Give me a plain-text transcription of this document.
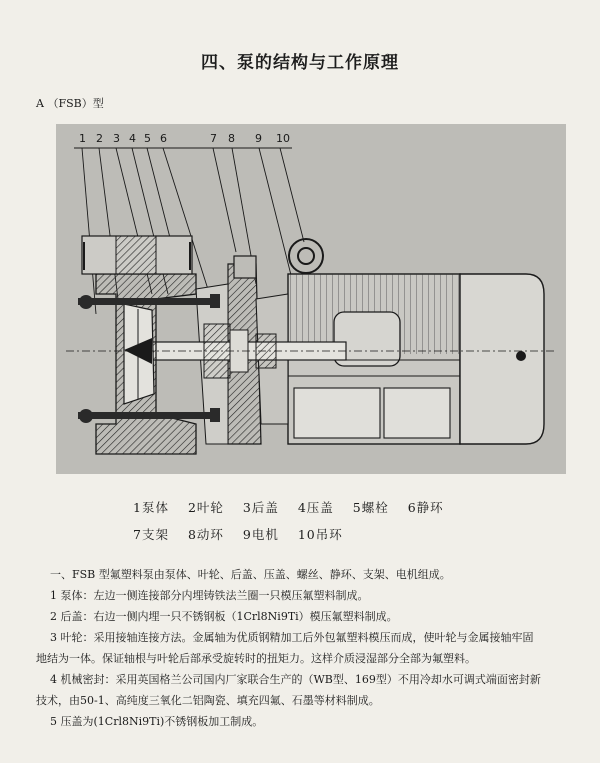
四、泵的结构与工作原理
A （FSB）型
1 2 3 4 5 6	7 8 9 10
1泵体 2叶轮 3后盖 4压盖 5螺栓 6静环
7支架 8动环 9电机 10吊环

一、FSB 型氟塑料泵由泵体、叶轮、后盖、压盖、螺丝、静环、支架、电机组成。

1 泵体：左边一侧连接部分内埋铸铁法兰圈一只模压氟塑料制成。

2 后盖：右边一侧内埋一只不锈钢板（1Crl8Ni9Ti）模压氟塑料制成。

3 叶轮：采用接轴连接方法。金属轴为优质钢精加工后外包氟塑料模压而成，使叶轮与金属接轴牢固

地结为一体。保证轴根与叶轮后部承受旋转时的扭矩力。这样介质浸湿部分全部为氟塑料。

4 机械密封：采用英国格兰公司国内厂家联合生产的（WB型、169型）不用冷却水可调式端面密封新

技术，由50-1、高纯度三氧化二铝陶瓷、填充四氟、石墨等材料制成。

5 压盖为(1Crl8Ni9Ti)不锈钢板加工制成。
